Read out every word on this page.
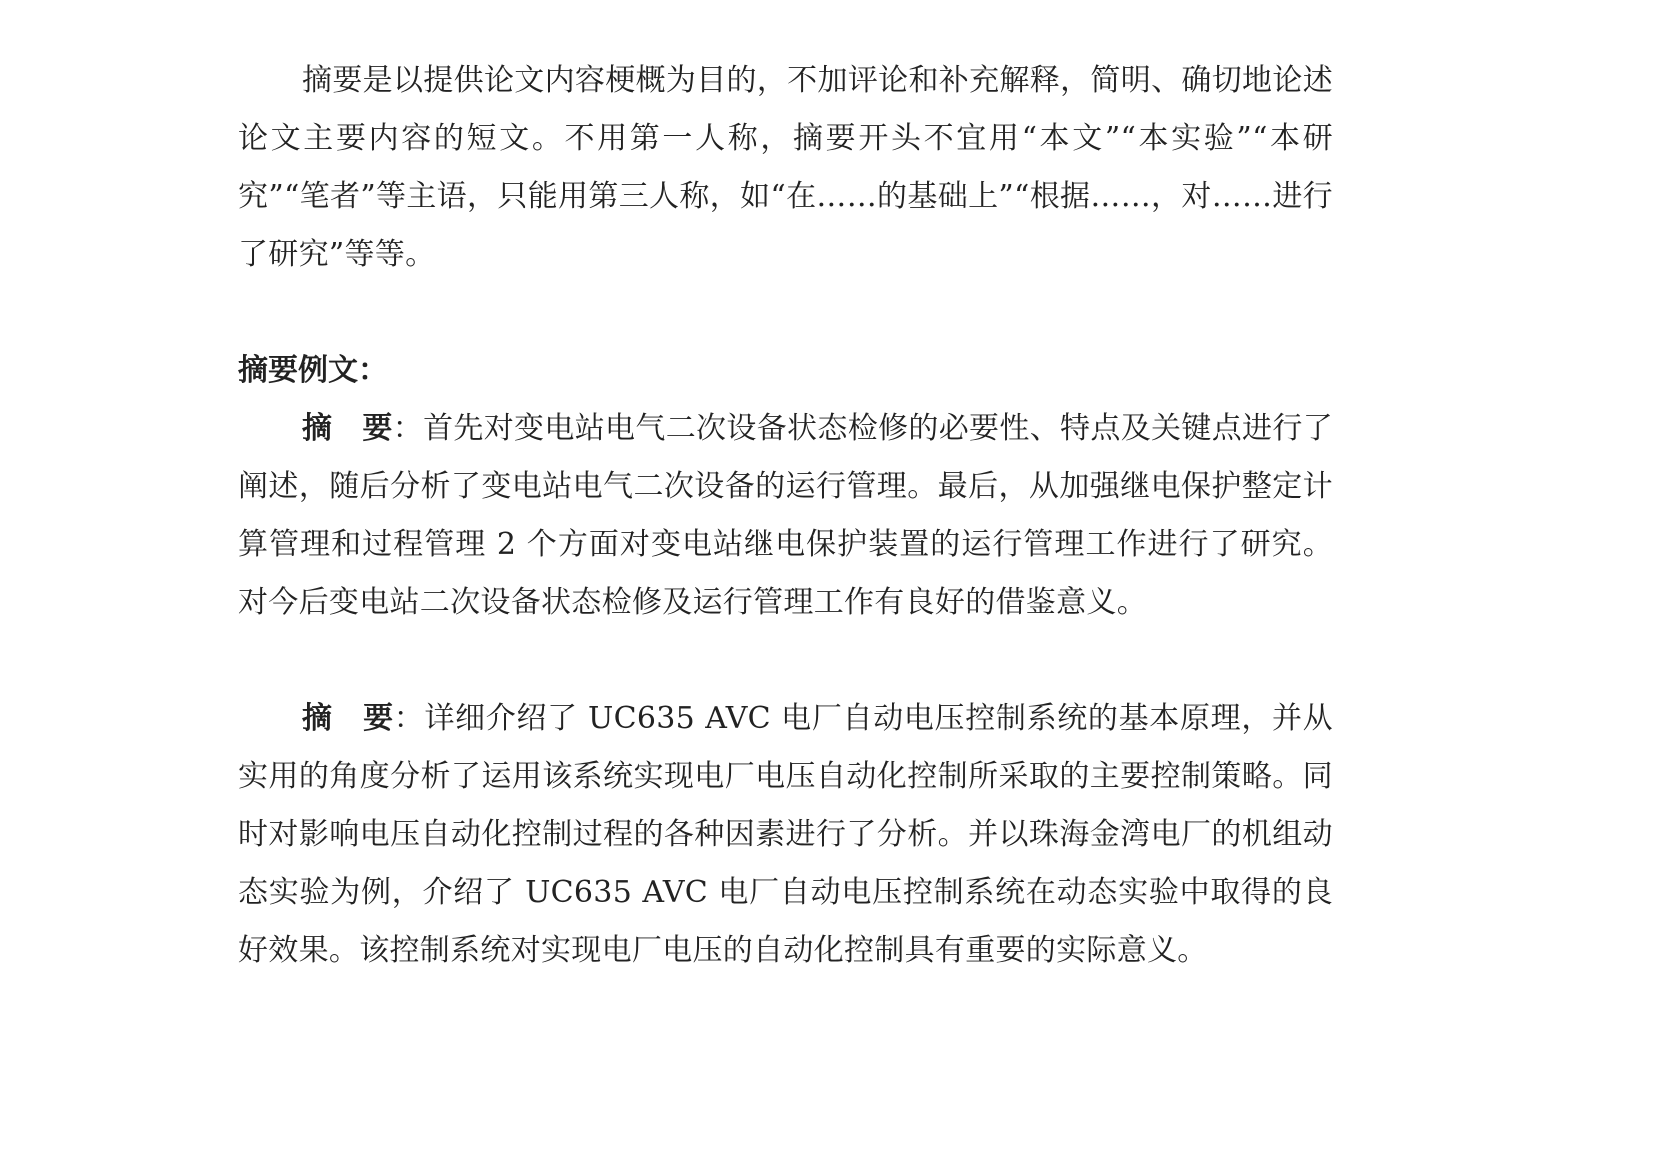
摘要是以提供论文内容梗概为目的，不加评论和补充解释，简明、确切地论述论文主要内容的短文。不用第一人称，摘要开头不宜用“本文”“本实验”“本研究”“笔者”等主语，只能用第三人称，如“在……的基础上”“根据……，对……进行了研究”等等。

摘要例文：

摘 要：首先对变电站电气二次设备状态检修的必要性、特点及关键点进行了阐述，随后分析了变电站电气二次设备的运行管理。最后，从加强继电保护整定计算管理和过程管理 2 个方面对变电站继电保护装置的运行管理工作进行了研究。对今后变电站二次设备状态检修及运行管理工作有良好的借鉴意义。

摘 要：详细介绍了 UC635 AVC 电厂自动电压控制系统的基本原理，并从实用的角度分析了运用该系统实现电厂电压自动化控制所采取的主要控制策略。同时对影响电压自动化控制过程的各种因素进行了分析。并以珠海金湾电厂的机组动态实验为例，介绍了 UC635 AVC 电厂自动电压控制系统在动态实验中取得的良好效果。该控制系统对实现电厂电压的自动化控制具有重要的实际意义。
